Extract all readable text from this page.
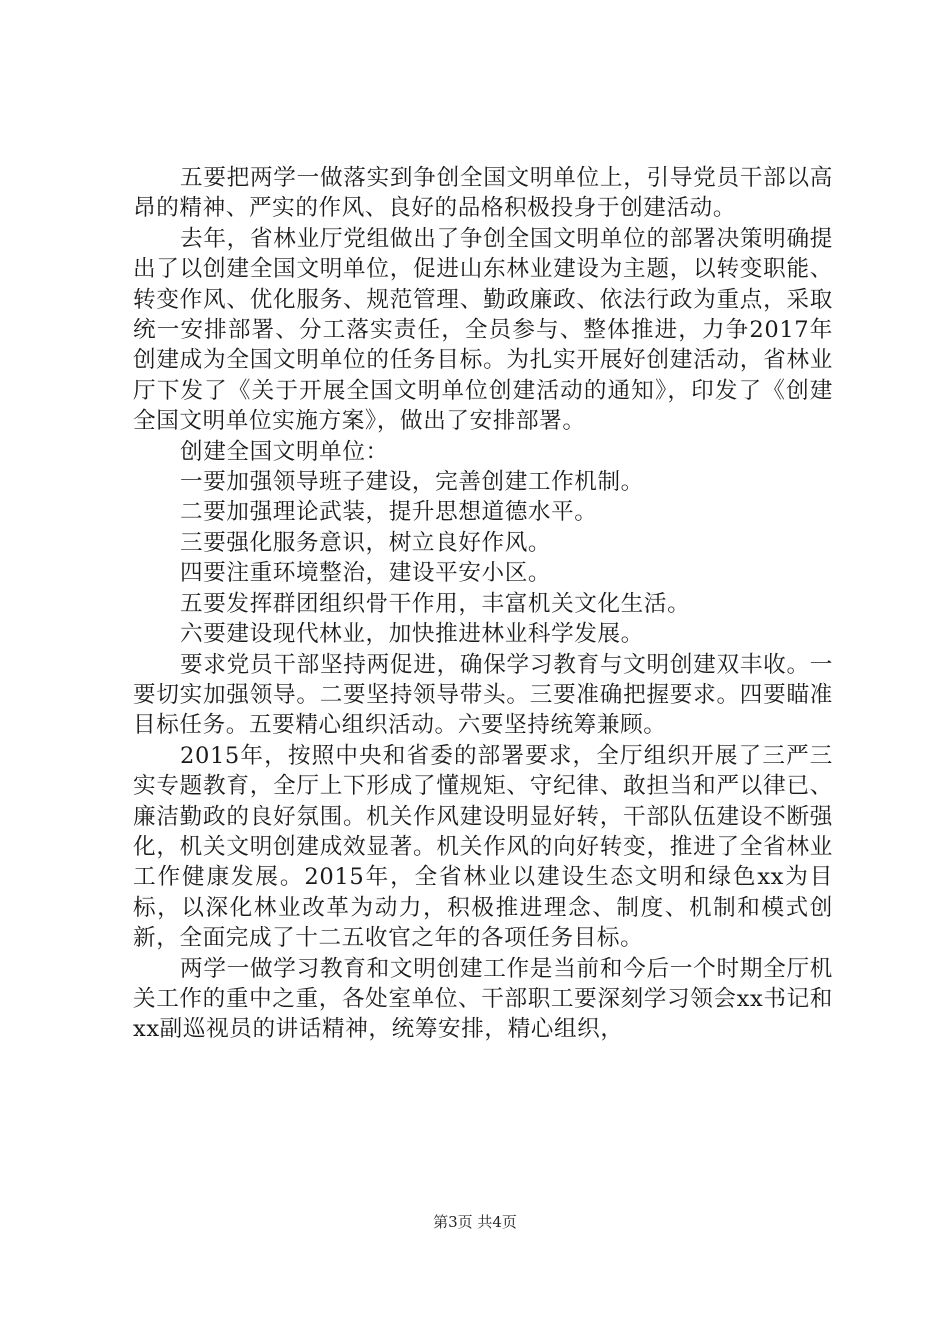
五要把两学一做落实到争创全国文明单位上，引导党员干部以高昂的精神、严实的作风、良好的品格积极投身于创建活动。

去年，省林业厅党组做出了争创全国文明单位的部署决策明确提出了以创建全国文明单位，促进山东林业建设为主题，以转变职能、转变作风、优化服务、规范管理、勤政廉政、依法行政为重点，采取统一安排部署、分工落实责任，全员参与、整体推进，力争2017年创建成为全国文明单位的任务目标。为扎实开展好创建活动，省林业厅下发了《关于开展全国文明单位创建活动的通知》，印发了《创建全国文明单位实施方案》，做出了安排部署。

创建全国文明单位：

一要加强领导班子建设，完善创建工作机制。

二要加强理论武装，提升思想道德水平。

三要强化服务意识，树立良好作风。

四要注重环境整治，建设平安小区。

五要发挥群团组织骨干作用，丰富机关文化生活。

六要建设现代林业，加快推进林业科学发展。

要求党员干部坚持两促进，确保学习教育与文明创建双丰收。一要切实加强领导。二要坚持领导带头。三要准确把握要求。四要瞄准目标任务。五要精心组织活动。六要坚持统筹兼顾。

2015年，按照中央和省委的部署要求，全厅组织开展了三严三实专题教育，全厅上下形成了懂规矩、守纪律、敢担当和严以律已、廉洁勤政的良好氛围。机关作风建设明显好转，干部队伍建设不断强化，机关文明创建成效显著。机关作风的向好转变，推进了全省林业工作健康发展。2015年，全省林业以建设生态文明和绿色xx为目标，以深化林业改革为动力，积极推进理念、制度、机制和模式创新，全面完成了十二五收官之年的各项任务目标。

两学一做学习教育和文明创建工作是当前和今后一个时期全厅机关工作的重中之重，各处室单位、干部职工要深刻学习领会xx书记和xx副巡视员的讲话精神，统筹安排，精心组织，

第3页 共4页
